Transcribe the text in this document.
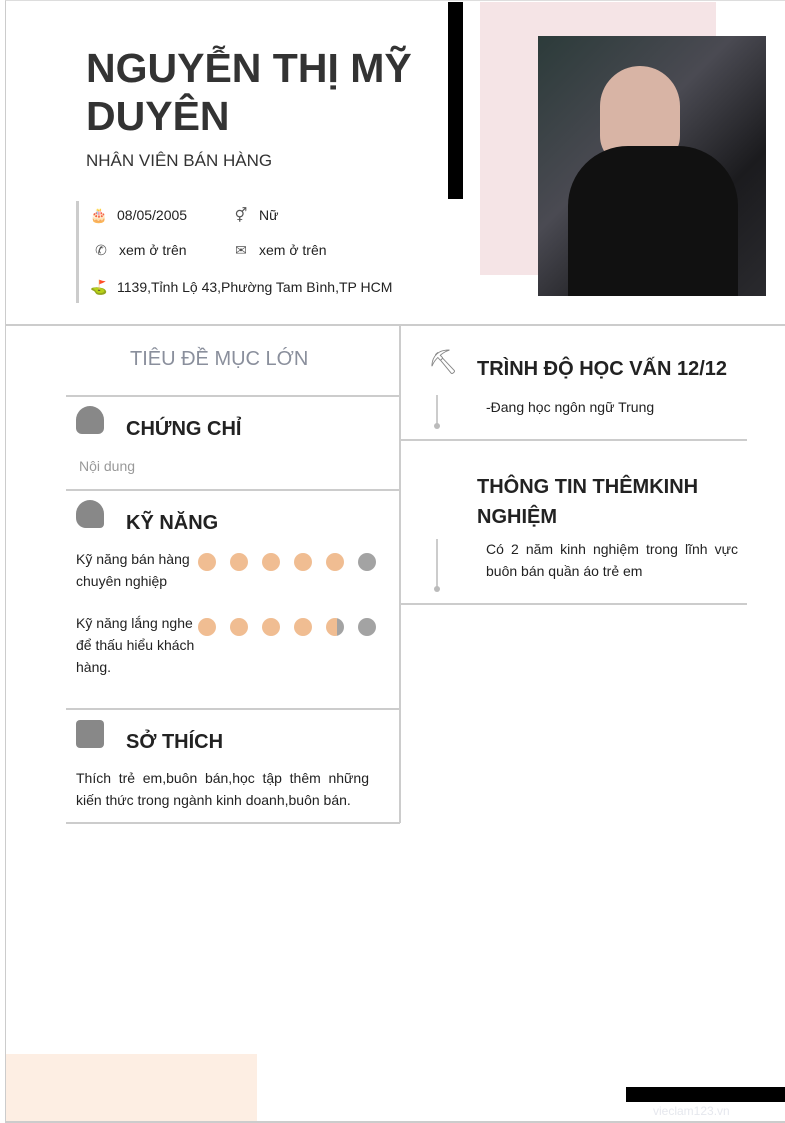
NGUYỄN THỊ MỸ DUYÊN
NHÂN VIÊN BÁN HÀNG
🎂 08/05/2005	⚥ Nữ
✆ xem ở trên	✉ xem ở trên
⛳ 1139,Tỉnh Lộ 43,Phường Tam Bình,TP HCM
TIÊU ĐỀ MỤC LỚN
CHỨNG CHỈ
Nội dung
KỸ NĂNG
Kỹ năng bán hàng chuyên nghiệp
Kỹ năng lắng nghe để thấu hiểu khách hàng.
SỞ THÍCH
Thích trẻ em,buôn bán,học tập thêm những kiến thức trong ngành kinh doanh,buôn bán.
⛏ TRÌNH ĐỘ HỌC VẤN 12/12
-Đang học ngôn ngữ Trung
THÔNG TIN THÊMKINH NGHIỆM
Có 2 năm kinh nghiệm trong lĩnh vực buôn bán quần áo trẻ em
vieclam123.vn
